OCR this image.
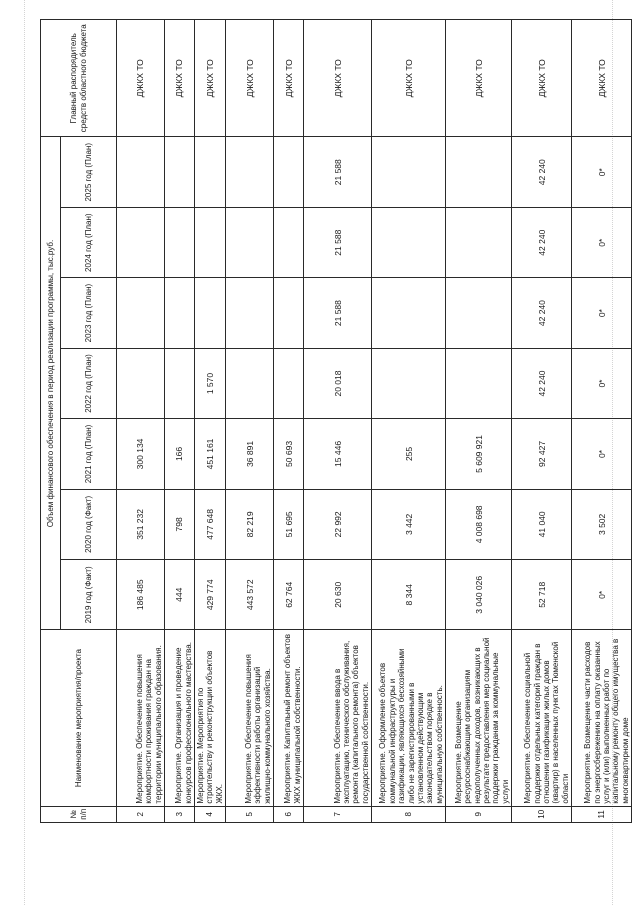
№ п/п	Наименование мероприятия/проекта	Объем финансового обеспечения в период реализации программы, тыс.руб.							Главный распорядитель средств областного бюджета
		2019 год (Факт)	2020 год (Факт)	2021 год (План)	2022 год (План)	2023 год (План)	2024 год (План)	2025 год (План)	
2	Мероприятие. Обеспечение повышения комфортности проживания граждан на территории муниципального образования.	186 485	351 232	300 134					ДЖКХ ТО
3	Мероприятие. Организация и проведение конкурсов профессионального мастерства.	444	798	166					ДЖКХ ТО
4	Мероприятие. Мероприятия по строительству и реконструкции объектов ЖКХ.	429 774	477 648	451 161	1 570				ДЖКХ ТО
5	Мероприятие. Обеспечение повышения эффективности работы организаций жилищно-коммунального хозяйства.	443 572	82 219	36 891					ДЖКХ ТО
6	Мероприятие. Капитальный ремонт объектов ЖКХ муниципальной собственности.	62 764	51 695	50 693					ДЖКХ ТО
7	Мероприятие. Обеспечение ввода в эксплуатацию, технического обслуживания, ремонта (капитального ремонта) объектов государственной собственности.	20 630	22 992	15 446	20 018	21 588	21 588	21 588	ДЖКХ ТО
8	Мероприятие. Оформление объектов коммунальной инфраструктуры и газификации, являющихся бесхозяйными либо не зарегистрированными в установленном действующим законодательством порядке в муниципальную собственность.	8 344	3 442	255					ДЖКХ ТО
9	Мероприятие. Возмещение ресурсоснабжающим организациям недополученных доходов, возникающих в результате предоставления мер социальной поддержки гражданам за коммунальные услуги	3 040 026	4 008 698	5 609 921					ДЖКХ ТО
10	Мероприятие. Обеспечение социальной поддержки отдельных категорий граждан в отношении газификации жилых домов (квартир) в населенных пунктах Тюменской области	52 718	41 040	92 427	42 240	42 240	42 240	42 240	ДЖКХ ТО
11	Мероприятие. Возмещение части расходов по энергосбережению на оплату оказанных услуг и (или) выполненных работ по капитальному ремонту общего имущества в многоквартирном доме	0*	3 502	0*	0*	0*	0*	0*	ДЖКХ ТО
